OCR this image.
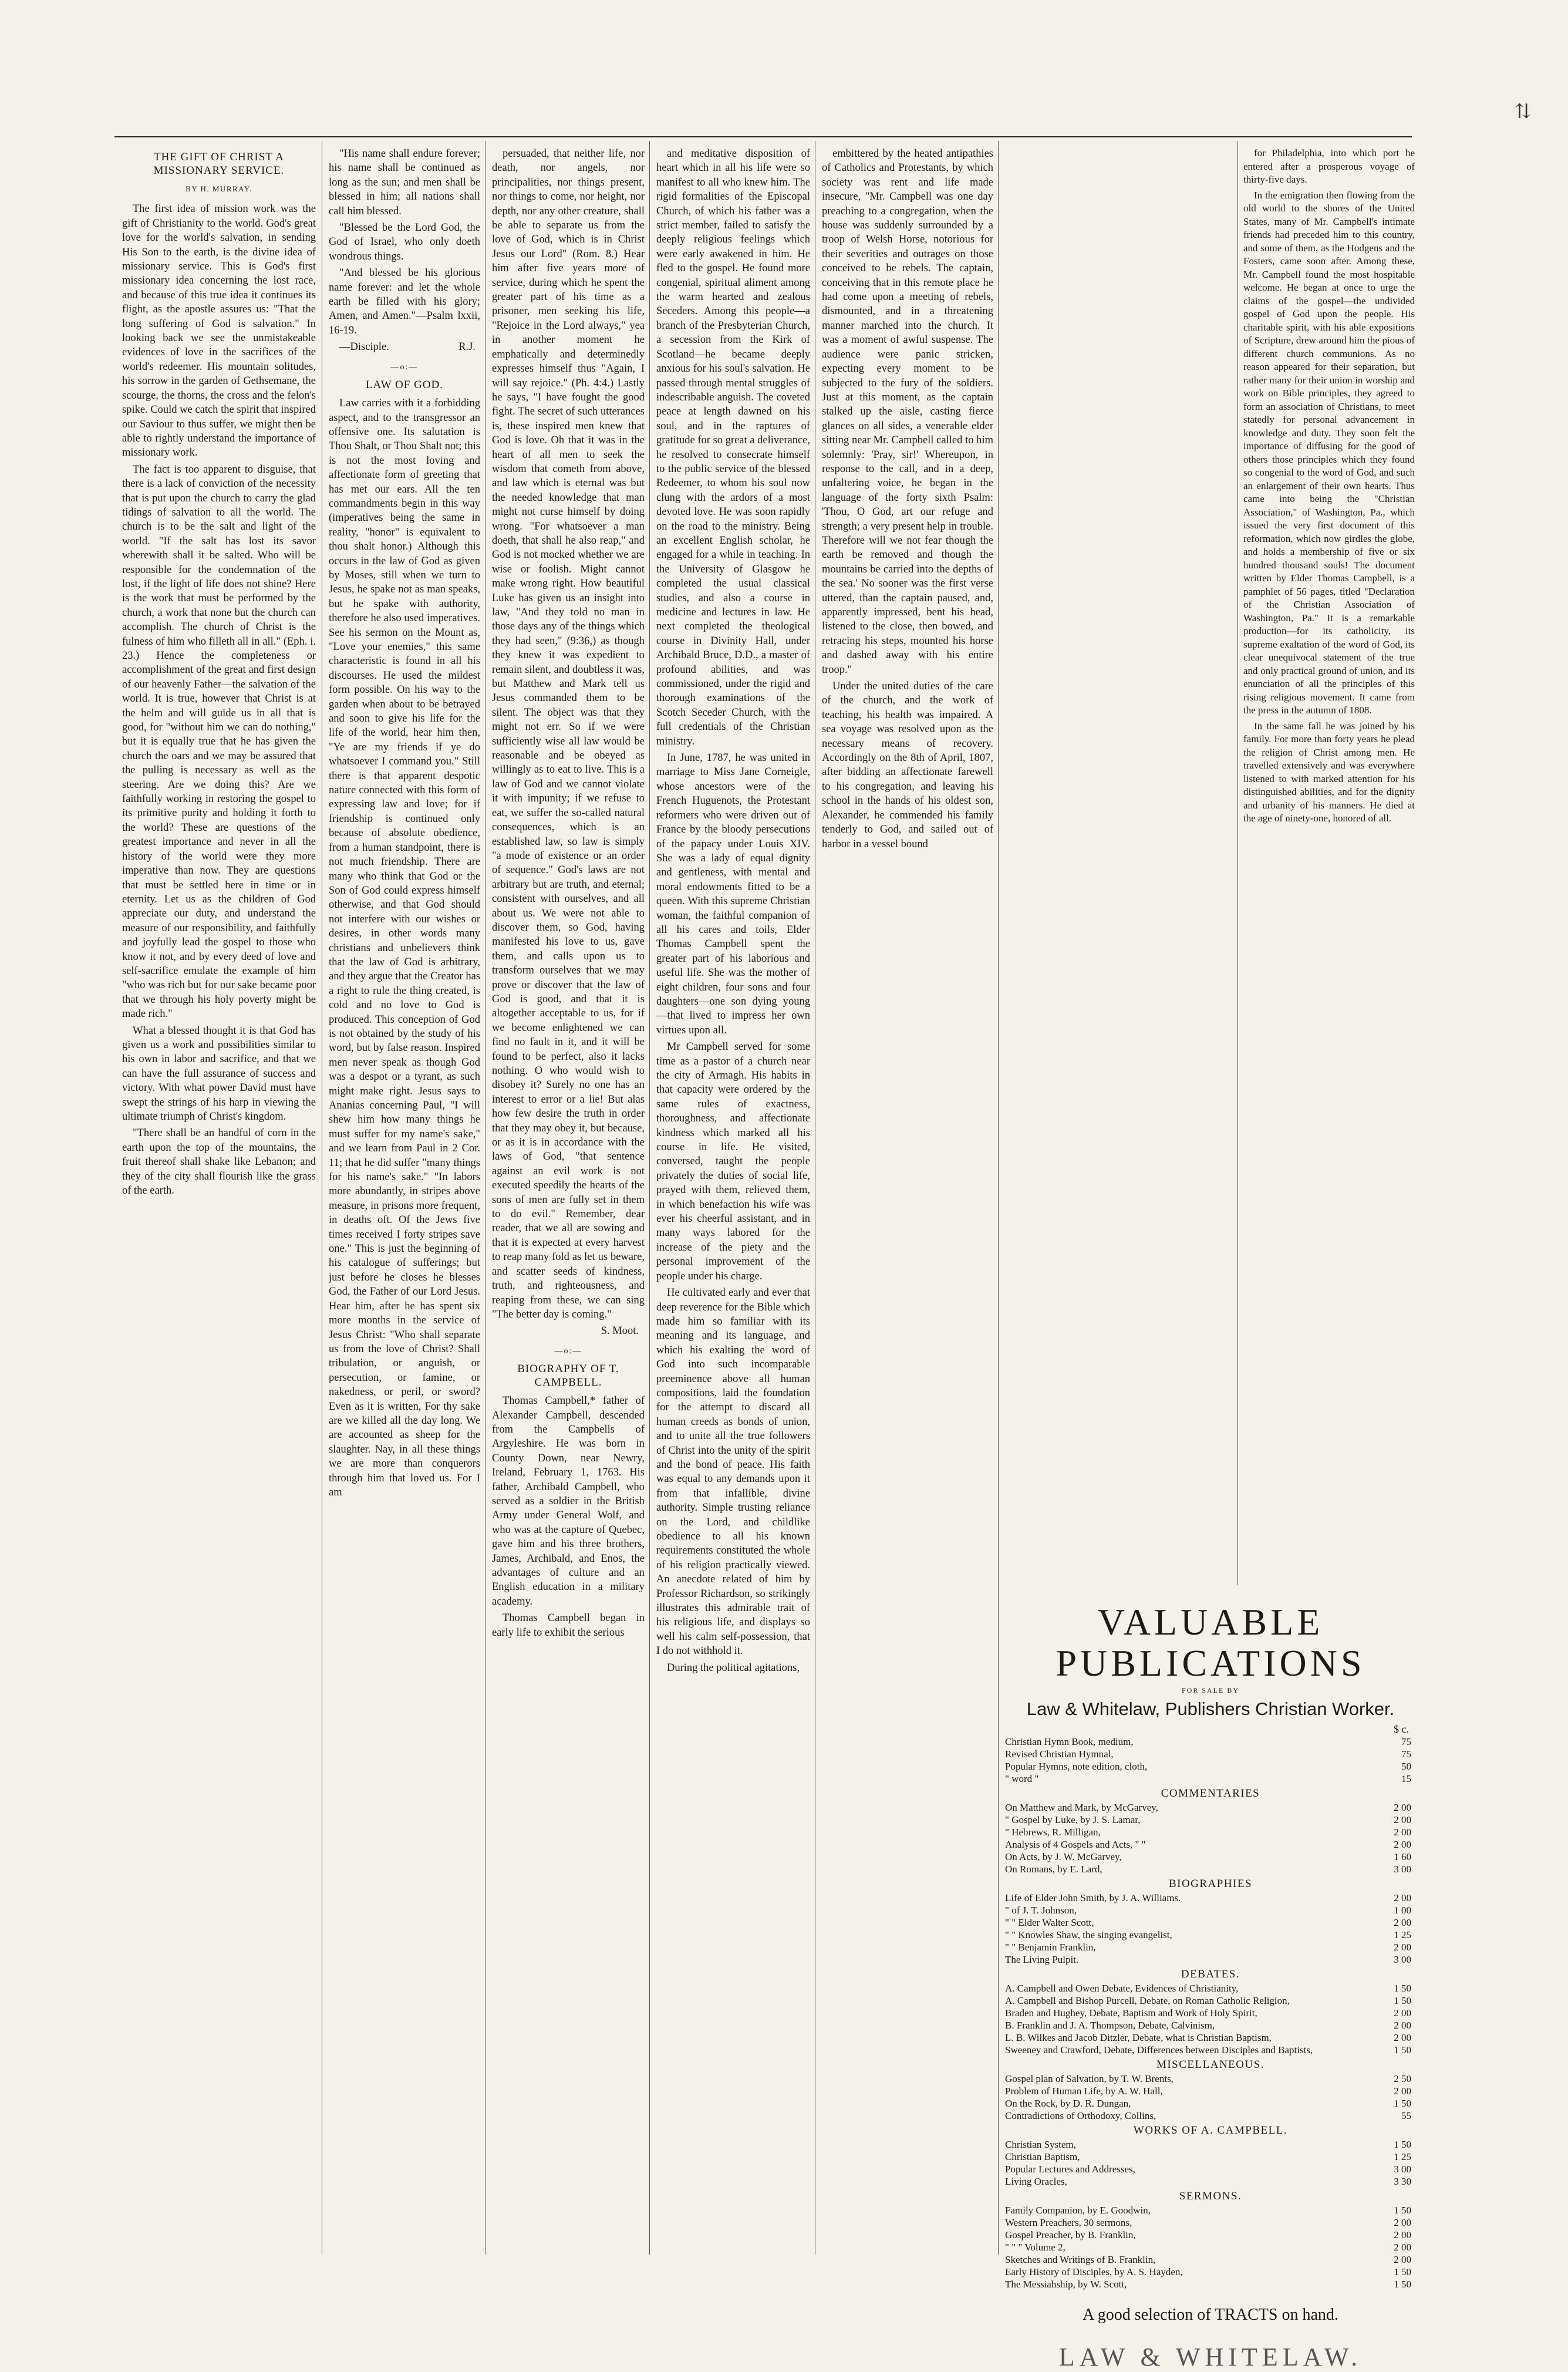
⇅
THE GIFT OF CHRIST A MISSIONARY SERVICE.
BY H. MURRAY.

The first idea of mission work was the gift of Christianity to the world. God's great love for the world's salvation, in sending His Son to the earth, is the divine idea of missionary service. This is God's first missionary idea concerning the lost race, and because of this true idea it continues its flight, as the apostle assures us: "That the long suffering of God is salvation." In looking back we see the unmistakeable evidences of love in the sacrifices of the world's redeemer. His mountain solitudes, his sorrow in the garden of Gethsemane, the scourge, the thorns, the cross and the felon's spike. Could we catch the spirit that inspired our Saviour to thus suffer, we might then be able to rightly understand the importance of missionary work.

The fact is too apparent to disguise, that there is a lack of conviction of the necessity that is put upon the church to carry the glad tidings of salvation to all the world. The church is to be the salt and light of the world. "If the salt has lost its savor wherewith shall it be salted. Who will be responsible for the condemnation of the lost, if the light of life does not shine? Here is the work that must be performed by the church, a work that none but the church can accomplish. The church of Christ is the fulness of him who filleth all in all." (Eph. i. 23.) Hence the completeness or accomplishment of the great and first design of our heavenly Father—the salvation of the world. It is true, however that Christ is at the helm and will guide us in all that is good, for "without him we can do nothing," but it is equally true that he has given the church the oars and we may be assured that the pulling is necessary as well as the steering. Are we doing this? Are we faithfully working in restoring the gospel to its primitive purity and holding it forth to the world? These are questions of the greatest importance and never in all the history of the world were they more imperative than now. They are questions that must be settled here in time or in eternity. Let us as the children of God appreciate our duty, and understand the measure of our responsibility, and faithfully and joyfully lead the gospel to those who know it not, and by every deed of love and self-sacrifice emulate the example of him "who was rich but for our sake became poor that we through his holy poverty might be made rich."

What a blessed thought it is that God has given us a work and possibilities similar to his own in labor and sacrifice, and that we can have the full assurance of success and victory. With what power David must have swept the strings of his harp in viewing the ultimate triumph of Christ's kingdom.

"There shall be an handful of corn in the earth upon the top of the mountains, the fruit thereof shall shake like Lebanon; and they of the city shall flourish like the grass of the earth.

"His name shall endure forever; his name shall be continued as long as the sun; and men shall be blessed in him; all nations shall call him blessed.

"Blessed be the Lord God, the God of Israel, who only doeth wondrous things.

"And blessed be his glorious name forever: and let the whole earth be filled with his glory; Amen, and Amen."—Psalm lxxii, 16-19.

—Disciple.	R.J.
—o:—
LAW OF GOD.

Law carries with it a forbidding aspect, and to the transgressor an offensive one. Its salutation is Thou Shalt, or Thou Shalt not; this is not the most loving and affectionate form of greeting that has met our ears. All the ten commandments begin in this way (imperatives being the same in reality, "honor" is equivalent to thou shalt honor.) Although this occurs in the law of God as given by Moses, still when we turn to Jesus, he spake not as man speaks, but he spake with authority, therefore he also used imperatives. See his sermon on the Mount as, "Love your enemies," this same characteristic is found in all his discourses. He used the mildest form possible. On his way to the garden when about to be betrayed and soon to give his life for the life of the world, hear him then, "Ye are my friends if ye do whatsoever I command you." Still there is that apparent despotic nature connected with this form of expressing law and love; for if friendship is continued only because of absolute obedience, from a human standpoint, there is not much friendship. There are many who think that God or the Son of God could express himself otherwise, and that God should not interfere with our wishes or desires, in other words many christians and unbelievers think that the law of God is arbitrary, and they argue that the Creator has a right to rule the thing created, is cold and no love to God is produced. This conception of God is not obtained by the study of his word, but by false reason. Inspired men never speak as though God was a despot or a tyrant, as such might make right. Jesus says to Ananias concerning Paul, "I will shew him how many things he must suffer for my name's sake," and we learn from Paul in 2 Cor. 11; that he did suffer "many things for his name's sake." "In labors more abundantly, in stripes above measure, in prisons more frequent, in deaths oft. Of the Jews five times received I forty stripes save one." This is just the beginning of his catalogue of sufferings; but just before he closes he blesses God, the Father of our Lord Jesus. Hear him, after he has spent six more months in the service of Jesus Christ: "Who shall separate us from the love of Christ? Shall tribulation, or anguish, or persecution, or famine, or nakedness, or peril, or sword? Even as it is written, For thy sake are we killed all the day long. We are accounted as sheep for the slaughter. Nay, in all these things we are more than conquerors through him that loved us. For I am

persuaded, that neither life, nor death, nor angels, nor principalities, nor things present, nor things to come, nor height, nor depth, nor any other creature, shall be able to separate us from the love of God, which is in Christ Jesus our Lord" (Rom. 8.) Hear him after five years more of service, during which he spent the greater part of his time as a prisoner, men seeking his life, "Rejoice in the Lord always," yea in another moment he emphatically and determinedly expresses himself thus "Again, I will say rejoice." (Ph. 4:4.) Lastly he says, "I have fought the good fight. The secret of such utterances is, these inspired men knew that God is love. Oh that it was in the heart of all men to seek the wisdom that cometh from above, and law which is eternal was but the needed knowledge that man might not curse himself by doing wrong. "For whatsoever a man doeth, that shall he also reap," and God is not mocked whether we are wise or foolish. Might cannot make wrong right. How beautiful Luke has given us an insight into law, "And they told no man in those days any of the things which they had seen," (9:36,) as though they knew it was expedient to remain silent, and doubtless it was, but Matthew and Mark tell us Jesus commanded them to be silent. The object was that they might not err. So if we were sufficiently wise all law would be reasonable and be obeyed as willingly as to eat to live. This is a law of God and we cannot violate it with impunity; if we refuse to eat, we suffer the so-called natural consequences, which is an established law, so law is simply "a mode of existence or an order of sequence." God's laws are not arbitrary but are truth, and eternal; consistent with ourselves, and all about us. We were not able to discover them, so God, having manifested his love to us, gave them, and calls upon us to transform ourselves that we may prove or discover that the law of God is good, and that it is altogether acceptable to us, for if we become enlightened we can find no fault in it, and it will be found to be perfect, also it lacks nothing. O who would wish to disobey it? Surely no one has an interest to error or a lie! But alas how few desire the truth in order that they may obey it, but because, or as it is in accordance with the laws of God, "that sentence against an evil work is not executed speedily the hearts of the sons of men are fully set in them to do evil." Remember, dear reader, that we all are sowing and that it is expected at every harvest to reap many fold as let us beware, and scatter seeds of kindness, truth, and righteousness, and reaping from these, we can sing "The better day is coming."

S. Moot.
—o:—
BIOGRAPHY OF T. CAMPBELL.

Thomas Campbell,* father of Alexander Campbell, descended from the Campbells of Argyleshire. He was born in County Down, near Newry, Ireland, February 1, 1763. His father, Archibald Campbell, who served as a soldier in the British Army under General Wolf, and who was at the capture of Quebec, gave him and his three brothers, James, Archibald, and Enos, the advantages of culture and an English education in a military academy.

Thomas Campbell began in early life to exhibit the serious

and meditative disposition of heart which in all his life were so manifest to all who knew him. The rigid formalities of the Episcopal Church, of which his father was a strict member, failed to satisfy the deeply religious feelings which were early awakened in him. He fled to the gospel. He found more congenial, spiritual aliment among the warm hearted and zealous Seceders. Among this people—a branch of the Presbyterian Church, a secession from the Kirk of Scotland—he became deeply anxious for his soul's salvation. He passed through mental struggles of indescribable anguish. The coveted peace at length dawned on his soul, and in the raptures of gratitude for so great a deliverance, he resolved to consecrate himself to the public service of the blessed Redeemer, to whom his soul now clung with the ardors of a most devoted love. He was soon rapidly on the road to the ministry. Being an excellent English scholar, he engaged for a while in teaching. In the University of Glasgow he completed the usual classical studies, and also a course in medicine and lectures in law. He next completed the theological course in Divinity Hall, under Archibald Bruce, D.D., a master of profound abilities, and was commissioned, under the rigid and thorough examinations of the Scotch Seceder Church, with the full credentials of the Christian ministry.

In June, 1787, he was united in marriage to Miss Jane Corneigle, whose ancestors were of the French Huguenots, the Protestant reformers who were driven out of France by the bloody persecutions of the papacy under Louis XIV. She was a lady of equal dignity and gentleness, with mental and moral endowments fitted to be a queen. With this supreme Christian woman, the faithful companion of all his cares and toils, Elder Thomas Campbell spent the greater part of his laborious and useful life. She was the mother of eight children, four sons and four daughters—one son dying young—that lived to impress her own virtues upon all.

Mr Campbell served for some time as a pastor of a church near the city of Armagh. His habits in that capacity were ordered by the same rules of exactness, thoroughness, and affectionate kindness which marked all his course in life. He visited, conversed, taught the people privately the duties of social life, prayed with them, relieved them, in which benefaction his wife was ever his cheerful assistant, and in many ways labored for the increase of the piety and the personal improvement of the people under his charge.

He cultivated early and ever that deep reverence for the Bible which made him so familiar with its meaning and its language, and which his exalting the word of God into such incomparable preeminence above all human compositions, laid the foundation for the attempt to discard all human creeds as bonds of union, and to unite all the true followers of Christ into the unity of the spirit and the bond of peace. His faith was equal to any demands upon it from that infallible, divine authority. Simple trusting reliance on the Lord, and childlike obedience to all his known requirements constituted the whole of his religion practically viewed. An anecdote related of him by Professor Richardson, so strikingly illustrates this admirable trait of his religious life, and displays so well his calm self-possession, that I do not withhold it.

During the political agitations,

embittered by the heated antipathies of Catholics and Protestants, by which society was rent and life made insecure, "Mr. Campbell was one day preaching to a congregation, when the house was suddenly surrounded by a troop of Welsh Horse, notorious for their severities and outrages on those conceived to be rebels. The captain, conceiving that in this remote place he had come upon a meeting of rebels, dismounted, and in a threatening manner marched into the church. It was a moment of awful suspense. The audience were panic stricken, expecting every moment to be subjected to the fury of the soldiers. Just at this moment, as the captain stalked up the aisle, casting fierce glances on all sides, a venerable elder sitting near Mr. Campbell called to him solemnly: 'Pray, sir!' Whereupon, in response to the call, and in a deep, unfaltering voice, he began in the language of the forty sixth Psalm: 'Thou, O God, art our refuge and strength; a very present help in trouble. Therefore will we not fear though the earth be removed and though the mountains be carried into the depths of the sea.' No sooner was the first verse uttered, than the captain paused, and, apparently impressed, bent his head, listened to the close, then bowed, and retracing his steps, mounted his horse and dashed away with his entire troop."

Under the united duties of the care of the church, and the work of teaching, his health was impaired. A sea voyage was resolved upon as the necessary means of recovery. Accordingly on the 8th of April, 1807, after bidding an affectionate farewell to his congregation, and leaving his school in the hands of his oldest son, Alexander, he commended his family tenderly to God, and sailed out of harbor in a vessel bound

for Philadelphia, into which port he entered after a prosperous voyage of thirty-five days.

In the emigration then flowing from the old world to the shores of the United States, many of Mr. Campbell's intimate friends had preceded him to this country, and some of them, as the Hodgens and the Fosters, came soon after. Among these, Mr. Campbell found the most hospitable welcome. He began at once to urge the claims of the gospel—the undivided gospel of God upon the people. His charitable spirit, with his able expositions of Scripture, drew around him the pious of different church communions. As no reason appeared for their separation, but rather many for their union in worship and work on Bible principles, they agreed to form an association of Christians, to meet statedly for personal advancement in knowledge and duty. They soon felt the importance of diffusing for the good of others those principles which they found so congenial to the word of God, and such an enlargement of their own hearts. Thus came into being the "Christian Association," of Washington, Pa., which issued the very first document of this reformation, which now girdles the globe, and holds a membership of five or six hundred thousand souls! The document written by Elder Thomas Campbell, is a pamphlet of 56 pages, titled "Declaration of the Christian Association of Washington, Pa." It is a remarkable production—for its catholicity, its supreme exaltation of the word of God, its clear unequivocal statement of the true and only practical ground of union, and its enunciation of all the principles of this rising religious movement. It came from the press in the autumn of 1808.

In the same fall he was joined by his family. For more than forty years he plead the religion of Christ among men. He travelled extensively and was everywhere listened to with marked attention for his distinguished abilities, and for the dignity and urbanity of his manners. He died at the age of ninety-one, honored of all.

VALUABLE PUBLICATIONS
FOR SALE BY
Law & Whitelaw, Publishers Christian Worker.
$ c.
Christian Hymn Book, medium,	75
Revised Christian Hymnal,	75
Popular Hymns, note edition, cloth,	50
" word "	15
COMMENTARIES
On Matthew and Mark, by McGarvey,	2 00
" Gospel by Luke, by J. S. Lamar,	2 00
" Hebrews, R. Milligan,	2 00
Analysis of 4 Gospels and Acts, " "	2 00
On Acts, by J. W. McGarvey,	1 60
On Romans, by E. Lard,	3 00
BIOGRAPHIES
Life of Elder John Smith, by J. A. Williams.	2 00
" of J. T. Johnson,	1 00
" " Elder Walter Scott,	2 00
" " Knowles Shaw, the singing evangelist,	1 25
" " Benjamin Franklin,	2 00
The Living Pulpit.	3 00
DEBATES.
A. Campbell and Owen Debate, Evidences of Christianity,	1 50
A. Campbell and Bishop Purcell, Debate, on Roman Catholic Religion,	1 50
Braden and Hughey, Debate, Baptism and Work of Holy Spirit,	2 00
B. Franklin and J. A. Thompson, Debate, Calvinism,	2 00
L. B. Wilkes and Jacob Ditzler, Debate, what is Christian Baptism,	2 00
Sweeney and Crawford, Debate, Differences between Disciples and Baptists,	1 50
MISCELLANEOUS.
Gospel plan of Salvation, by T. W. Brents,	2 50
Problem of Human Life, by A. W. Hall,	2 00
On the Rock, by D. R. Dungan,	1 50
Contradictions of Orthodoxy, Collins,	55
WORKS OF A. CAMPBELL.
Christian System,	1 50
Christian Baptism,	1 25
Popular Lectures and Addresses,	3 00
Living Oracles,	3 30
SERMONS.
Family Companion, by E. Goodwin,	1 50
Western Preachers, 30 sermons,	2 00
Gospel Preacher, by B. Franklin,	2 00
" " " Volume 2,	2 00
Sketches and Writings of B. Franklin,	2 00
Early History of Disciples, by A. S. Hayden,	1 50
The Messiahship, by W. Scott,	1 50
A good selection of TRACTS on hand.
LAW & WHITELAW.
